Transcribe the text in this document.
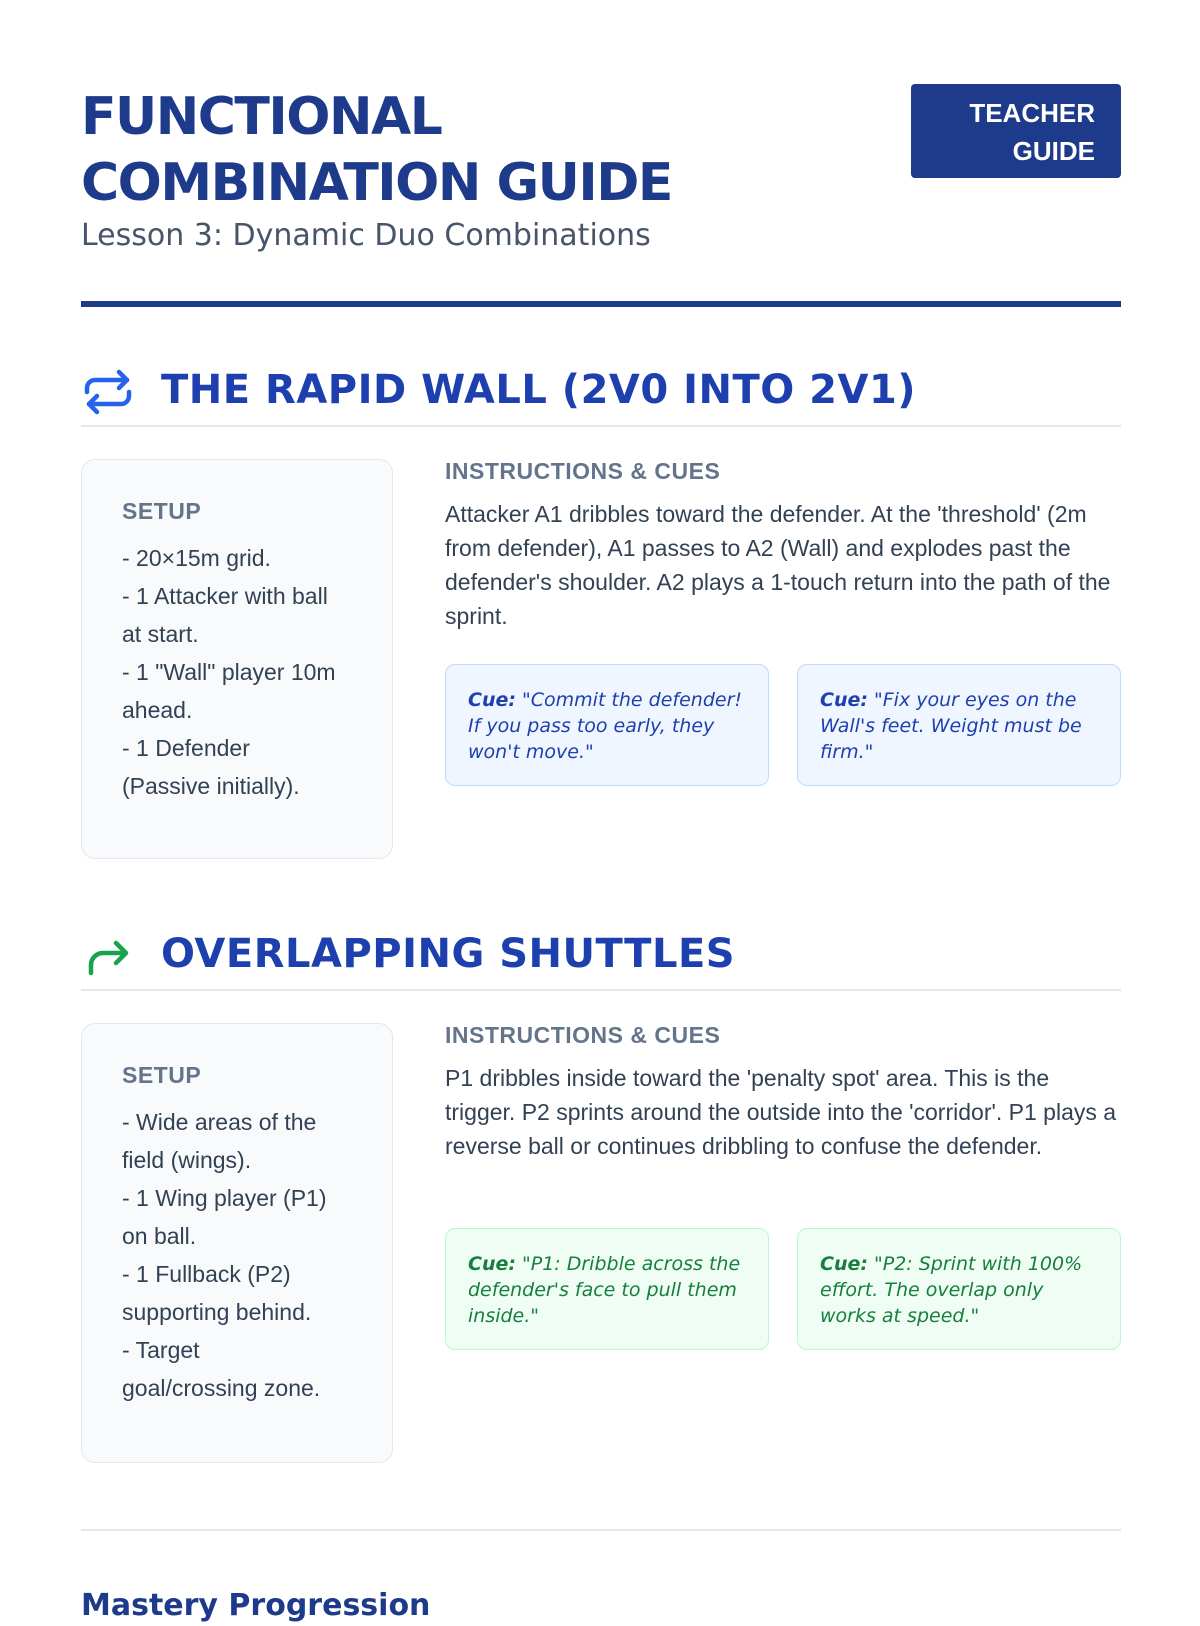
FUNCTIONAL
COMBINATION GUIDE

Lesson 3: Dynamic Duo Combinations

TEACHER
GUIDE
THE RAPID WALL (2V0 INTO 2V1)
SETUP
- 20×15m grid.
- 1 Attacker with ball
at start.
- 1 "Wall" player 10m
ahead.
- 1 Defender
(Passive initially).
INSTRUCTIONS & CUES

Attacker A1 dribbles toward the defender. At the 'threshold' (2m from defender), A1 passes to A2 (Wall) and explodes past the defender's shoulder. A2 plays a 1-touch return into the path of the sprint.

Cue: "Commit the defender! If you pass too early, they won't move."
Cue: "Fix your eyes on the Wall's feet. Weight must be firm."
OVERLAPPING SHUTTLES
SETUP
- Wide areas of the
field (wings).
- 1 Wing player (P1)
on ball.
- 1 Fullback (P2)
supporting behind.
- Target
goal/crossing zone.
INSTRUCTIONS & CUES

P1 dribbles inside toward the 'penalty spot' area. This is the trigger. P2 sprints around the outside into the 'corridor'. P1 plays a reverse ball or continues dribbling to confuse the defender.

Cue: "P1: Dribble across the defender's face to pull them inside."
Cue: "P2: Sprint with 100% effort. The overlap only works at speed."
Mastery Progression
